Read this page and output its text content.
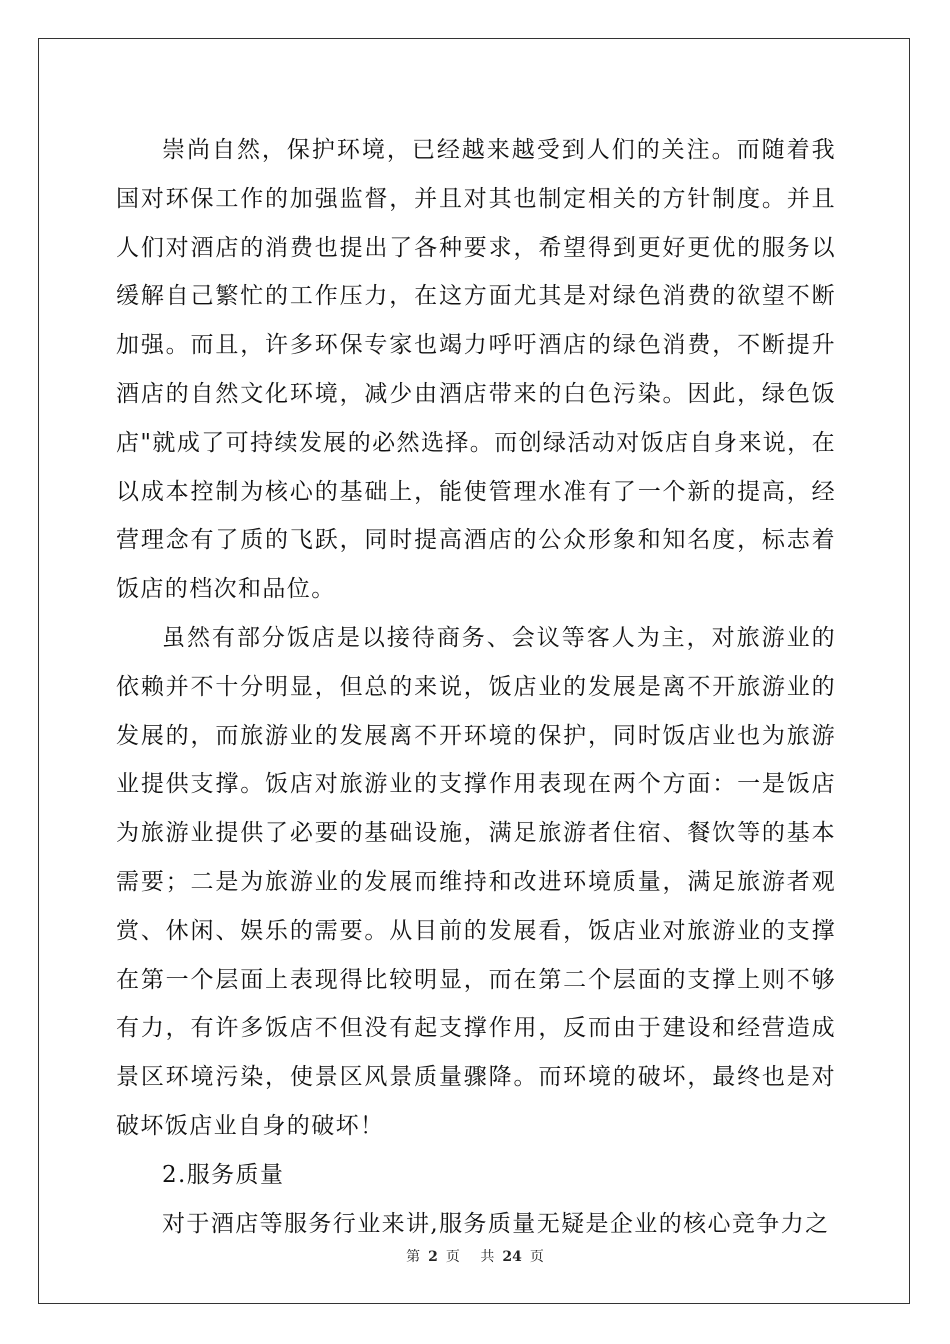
崇尚自然，保护环境，已经越来越受到人们的关注。而随着我国对环保工作的加强监督，并且对其也制定相关的方针制度。并且人们对酒店的消费也提出了各种要求，希望得到更好更优的服务以缓解自己繁忙的工作压力，在这方面尤其是对绿色消费的欲望不断加强。而且，许多环保专家也竭力呼吁酒店的绿色消费，不断提升酒店的自然文化环境，减少由酒店带来的白色污染。因此，绿色饭店"就成了可持续发展的必然选择。而创绿活动对饭店自身来说，在以成本控制为核心的基础上，能使管理水准有了一个新的提高，经营理念有了质的飞跃，同时提高酒店的公众形象和知名度，标志着饭店的档次和品位。

虽然有部分饭店是以接待商务、会议等客人为主，对旅游业的依赖并不十分明显，但总的来说，饭店业的发展是离不开旅游业的发展的，而旅游业的发展离不开环境的保护，同时饭店业也为旅游业提供支撑。饭店对旅游业的支撑作用表现在两个方面：一是饭店为旅游业提供了必要的基础设施，满足旅游者住宿、餐饮等的基本需要；二是为旅游业的发展而维持和改进环境质量，满足旅游者观赏、休闲、娱乐的需要。从目前的发展看，饭店业对旅游业的支撑在第一个层面上表现得比较明显，而在第二个层面的支撑上则不够有力，有许多饭店不但没有起支撑作用，反而由于建设和经营造成景区环境污染，使景区风景质量骤降。而环境的破坏，最终也是对破坏饭店业自身的破坏！

2.服务质量

对于酒店等服务行业来讲,服务质量无疑是企业的核心竞争力之

第 2 页 共 24 页
